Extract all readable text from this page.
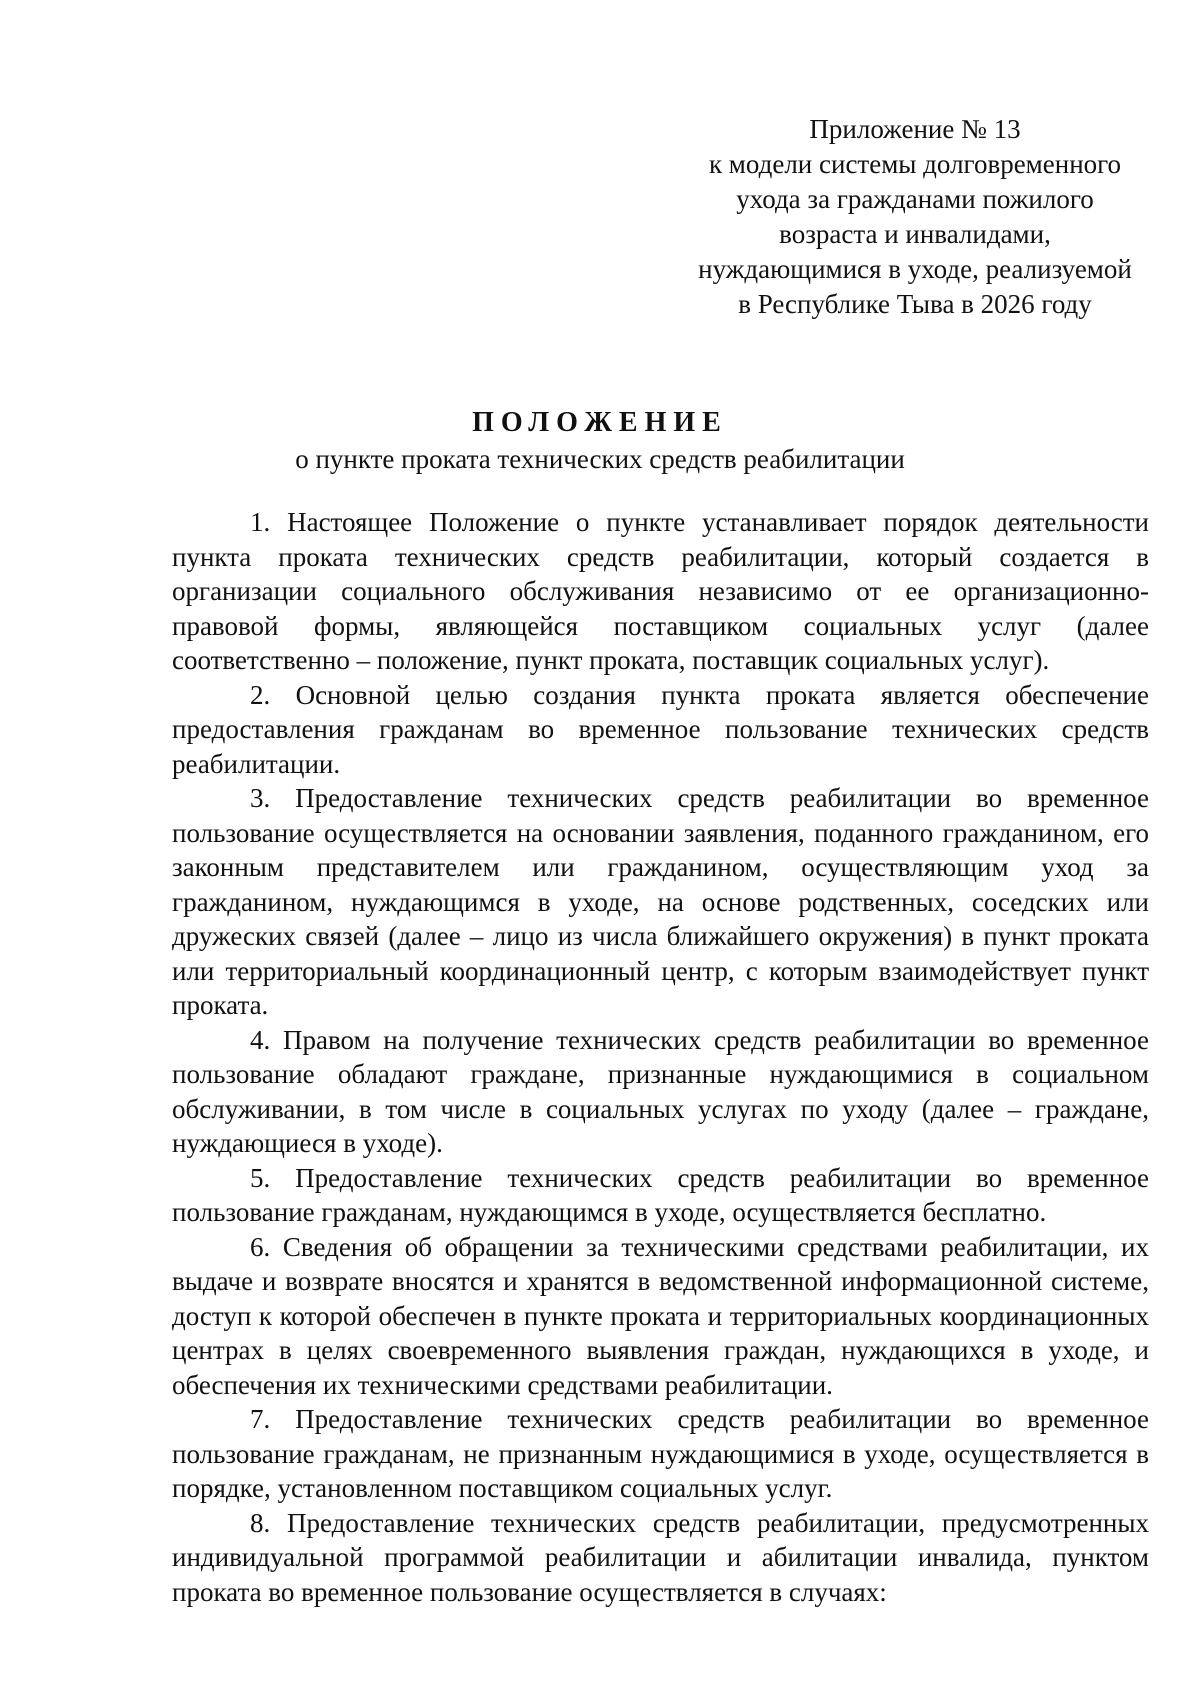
Приложение № 13
к модели системы долговременного
ухода за гражданами пожилого
возраста и инвалидами,
нуждающимися в уходе, реализуемой
в Республике Тыва в 2026 году
ПОЛОЖЕНИЕ
о пункте проката технических средств реабилитации

1. Настоящее Положение о пункте устанавливает порядок деятельности пункта проката технических средств реабилитации, который создается в организации социального обслуживания независимо от ее организационно-правовой формы, являющейся поставщиком социальных услуг (далее соответственно – положение, пункт проката, поставщик социальных услуг).

2. Основной целью создания пункта проката является обеспечение предоставления гражданам во временное пользование технических средств реабилитации.

3. Предоставление технических средств реабилитации во временное пользование осуществляется на основании заявления, поданного гражданином, его законным представителем или гражданином, осуществляющим уход за гражданином, нуждающимся в уходе, на основе родственных, соседских или дружеских связей (далее – лицо из числа ближайшего окружения) в пункт проката или территориальный координационный центр, с которым взаимодействует пункт проката.

4. Правом на получение технических средств реабилитации во временное пользование обладают граждане, признанные нуждающимися в социальном обслуживании, в том числе в социальных услугах по уходу (далее – граждане, нуждающиеся в уходе).

5. Предоставление технических средств реабилитации во временное пользование гражданам, нуждающимся в уходе, осуществляется бесплатно.

6. Сведения об обращении за техническими средствами реабилитации, их выдаче и возврате вносятся и хранятся в ведомственной информационной системе, доступ к которой обеспечен в пункте проката и территориальных координационных центрах в целях своевременного выявления граждан, нуждающихся в уходе, и обеспечения их техническими средствами реабилитации.

7. Предоставление технических средств реабилитации во временное пользование гражданам, не признанным нуждающимися в уходе, осуществляется в порядке, установленном поставщиком социальных услуг.

8. Предоставление технических средств реабилитации, предусмотренных индивидуальной программой реабилитации и абилитации инвалида, пунктом проката во временное пользование осуществляется в случаях:
